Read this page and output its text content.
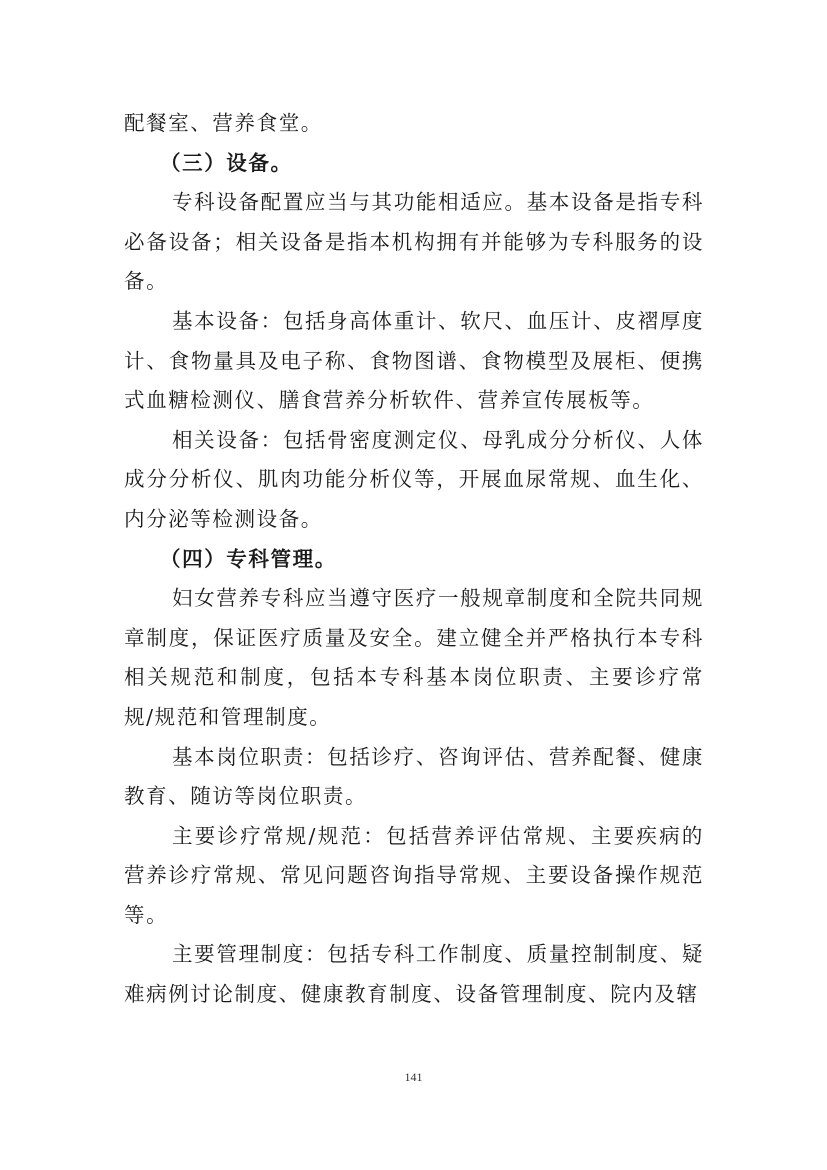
配餐室、营养食堂。

（三）设备。

专科设备配置应当与其功能相适应。基本设备是指专科必备设备；相关设备是指本机构拥有并能够为专科服务的设备。

基本设备：包括身高体重计、软尺、血压计、皮褶厚度计、食物量具及电子称、食物图谱、食物模型及展柜、便携式血糖检测仪、膳食营养分析软件、营养宣传展板等。

相关设备：包括骨密度测定仪、母乳成分分析仪、人体成分分析仪、肌肉功能分析仪等，开展血尿常规、血生化、内分泌等检测设备。

（四）专科管理。

妇女营养专科应当遵守医疗一般规章制度和全院共同规章制度，保证医疗质量及安全。建立健全并严格执行本专科相关规范和制度，包括本专科基本岗位职责、主要诊疗常规/规范和管理制度。

基本岗位职责：包括诊疗、咨询评估、营养配餐、健康教育、随访等岗位职责。

主要诊疗常规/规范：包括营养评估常规、主要疾病的营养诊疗常规、常见问题咨询指导常规、主要设备操作规范等。

主要管理制度：包括专科工作制度、质量控制制度、疑难病例讨论制度、健康教育制度、设备管理制度、院内及辖

141
